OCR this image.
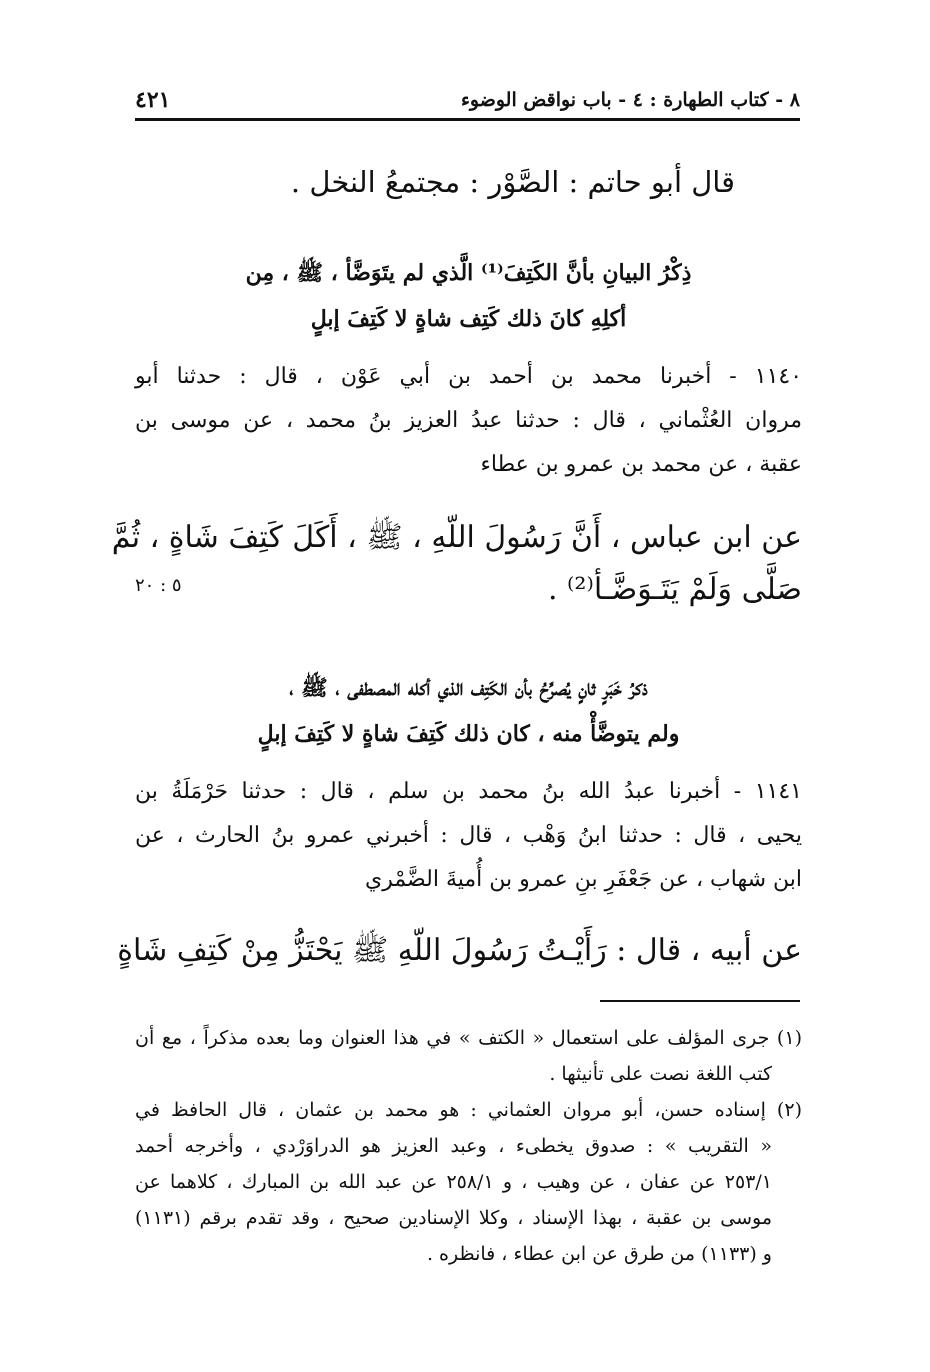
٨ - كتاب الطهارة : ٤ - باب نواقض الوضوء
٤٢١
قال أبو حاتم : الصَّوْر : مجتمعُ النخل .
ذِكْرُ البيانِ بأنَّ الكَتِفَ⁽¹⁾ الَّذي لم يتَوَضَّأ ، ﷺ ، مِن
أكلِهِ كانَ ذلك كَتِف شاةٍ لا كَتِفَ إبلٍ
١١٤٠ - أخبرنا محمد بن أحمد بن أبي عَوْن ، قال : حدثنا أبو
مروان العُثْماني ، قال : حدثنا عبدُ العزيز بنُ محمد ، عن موسى بن
عقبة ، عن محمد بن عمرو بن عطاء
عن ابن عباس ، أَنَّ رَسُولَ اللّهِ ، ﷺ ، أَكَلَ كَتِفَ شَاةٍ ، ثُمَّ
صَلَّى وَلَمْ يَتَـوَضَّـأ⁽²⁾ .
٥ : ٢٠
ذكرُ خَبَرٍ ثانٍ يُصرِّحُ بأن الكَتِف الذي أكله المصطفى ، ﷺ ،
ولم يتوضَّأْ منه ، كان ذلك كَتِفَ شاةٍ لا كَتِفَ إبلٍ
١١٤١ - أخبرنا عبدُ الله بنُ محمد بن سلم ، قال : حدثنا حَرْمَلَةُ بن
يحيى ، قال : حدثنا ابنُ وَهْب ، قال : أخبرني عمرو بنُ الحارث ، عن
ابن شهاب ، عن جَعْفَرِ بنِ عمرو بن أُميةَ الضَّمْري
عن أبيه ، قال : رَأَيْـتُ رَسُولَ اللّهِ ﷺ يَحْتَزُّ مِنْ كَتِفِ شَاةٍ
(١) جرى المؤلف على استعمال « الكتف » في هذا العنوان وما بعده مذكراً ، مع أن
كتب اللغة نصت على تأنيثها .
(٢) إسناده حسن، أبو مروان العثماني : هو محمد بن عثمان ، قال الحافظ في
« التقريب » : صدوق يخطىء ، وعبد العزيز هو الدراوَرْدي ، وأخرجه أحمد
٢٥٣/١ عن عفان ، عن وهيب ، و ٢٥٨/١ عن عبد الله بن المبارك ، كلاهما عن
موسى بن عقبة ، بهذا الإسناد ، وكلا الإسنادين صحيح ، وقد تقدم برقم (١١٣١)
و (١١٣٣) من طرق عن ابن عطاء ، فانظره .
